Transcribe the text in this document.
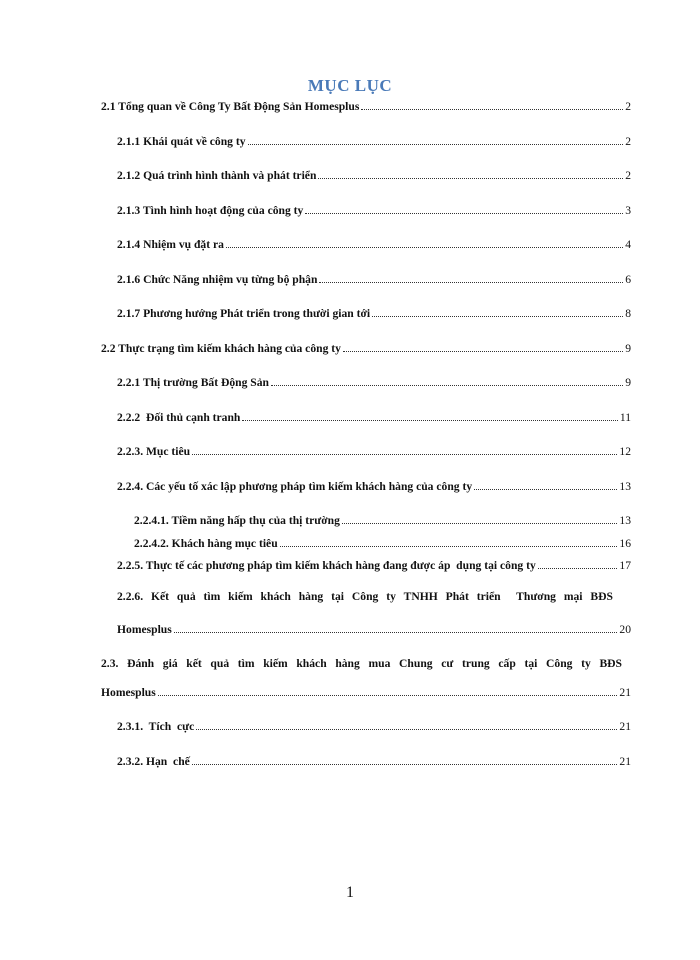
MỤC LỤC
2.1 Tổng quan về Công Ty Bất Động Sản Homesplus	2
2.1.1 Khái quát về công ty	2
2.1.2 Quá trình hình thành và phát triển	2
2.1.3 Tình hình hoạt động của công ty	3
2.1.4 Nhiệm vụ đặt ra	4
2.1.6 Chức Năng nhiệm vụ từng bộ phận	6
2.1.7 Phương hướng Phát triển trong thười gian tới	8
2.2 Thực trạng tìm kiếm khách hàng của công ty	9
2.2.1 Thị trường Bất Động Sản	9
2.2.2  Đối thủ cạnh tranh	11
2.2.3. Mục tiêu	12
2.2.4. Các yếu tố xác lập phương pháp tìm kiếm khách hàng của công ty	13
2.2.4.1. Tiềm năng hấp thụ của thị trường	13
2.2.4.2. Khách hàng mục tiêu	16
2.2.5. Thực tế các phương pháp tìm kiếm khách hàng đang được áp  dụng tại công ty	17
2.2.6. Kết quả tìm kiếm khách hàng tại Công ty TNHH Phát triển  Thương mại BĐS
Homesplus	20
2.3. Đánh giá kết quả tìm kiếm khách hàng mua Chung cư trung cấp tại Công ty BĐS
Homesplus	21
2.3.1.  Tích  cực	21
2.3.2. Hạn  chế	21
1
